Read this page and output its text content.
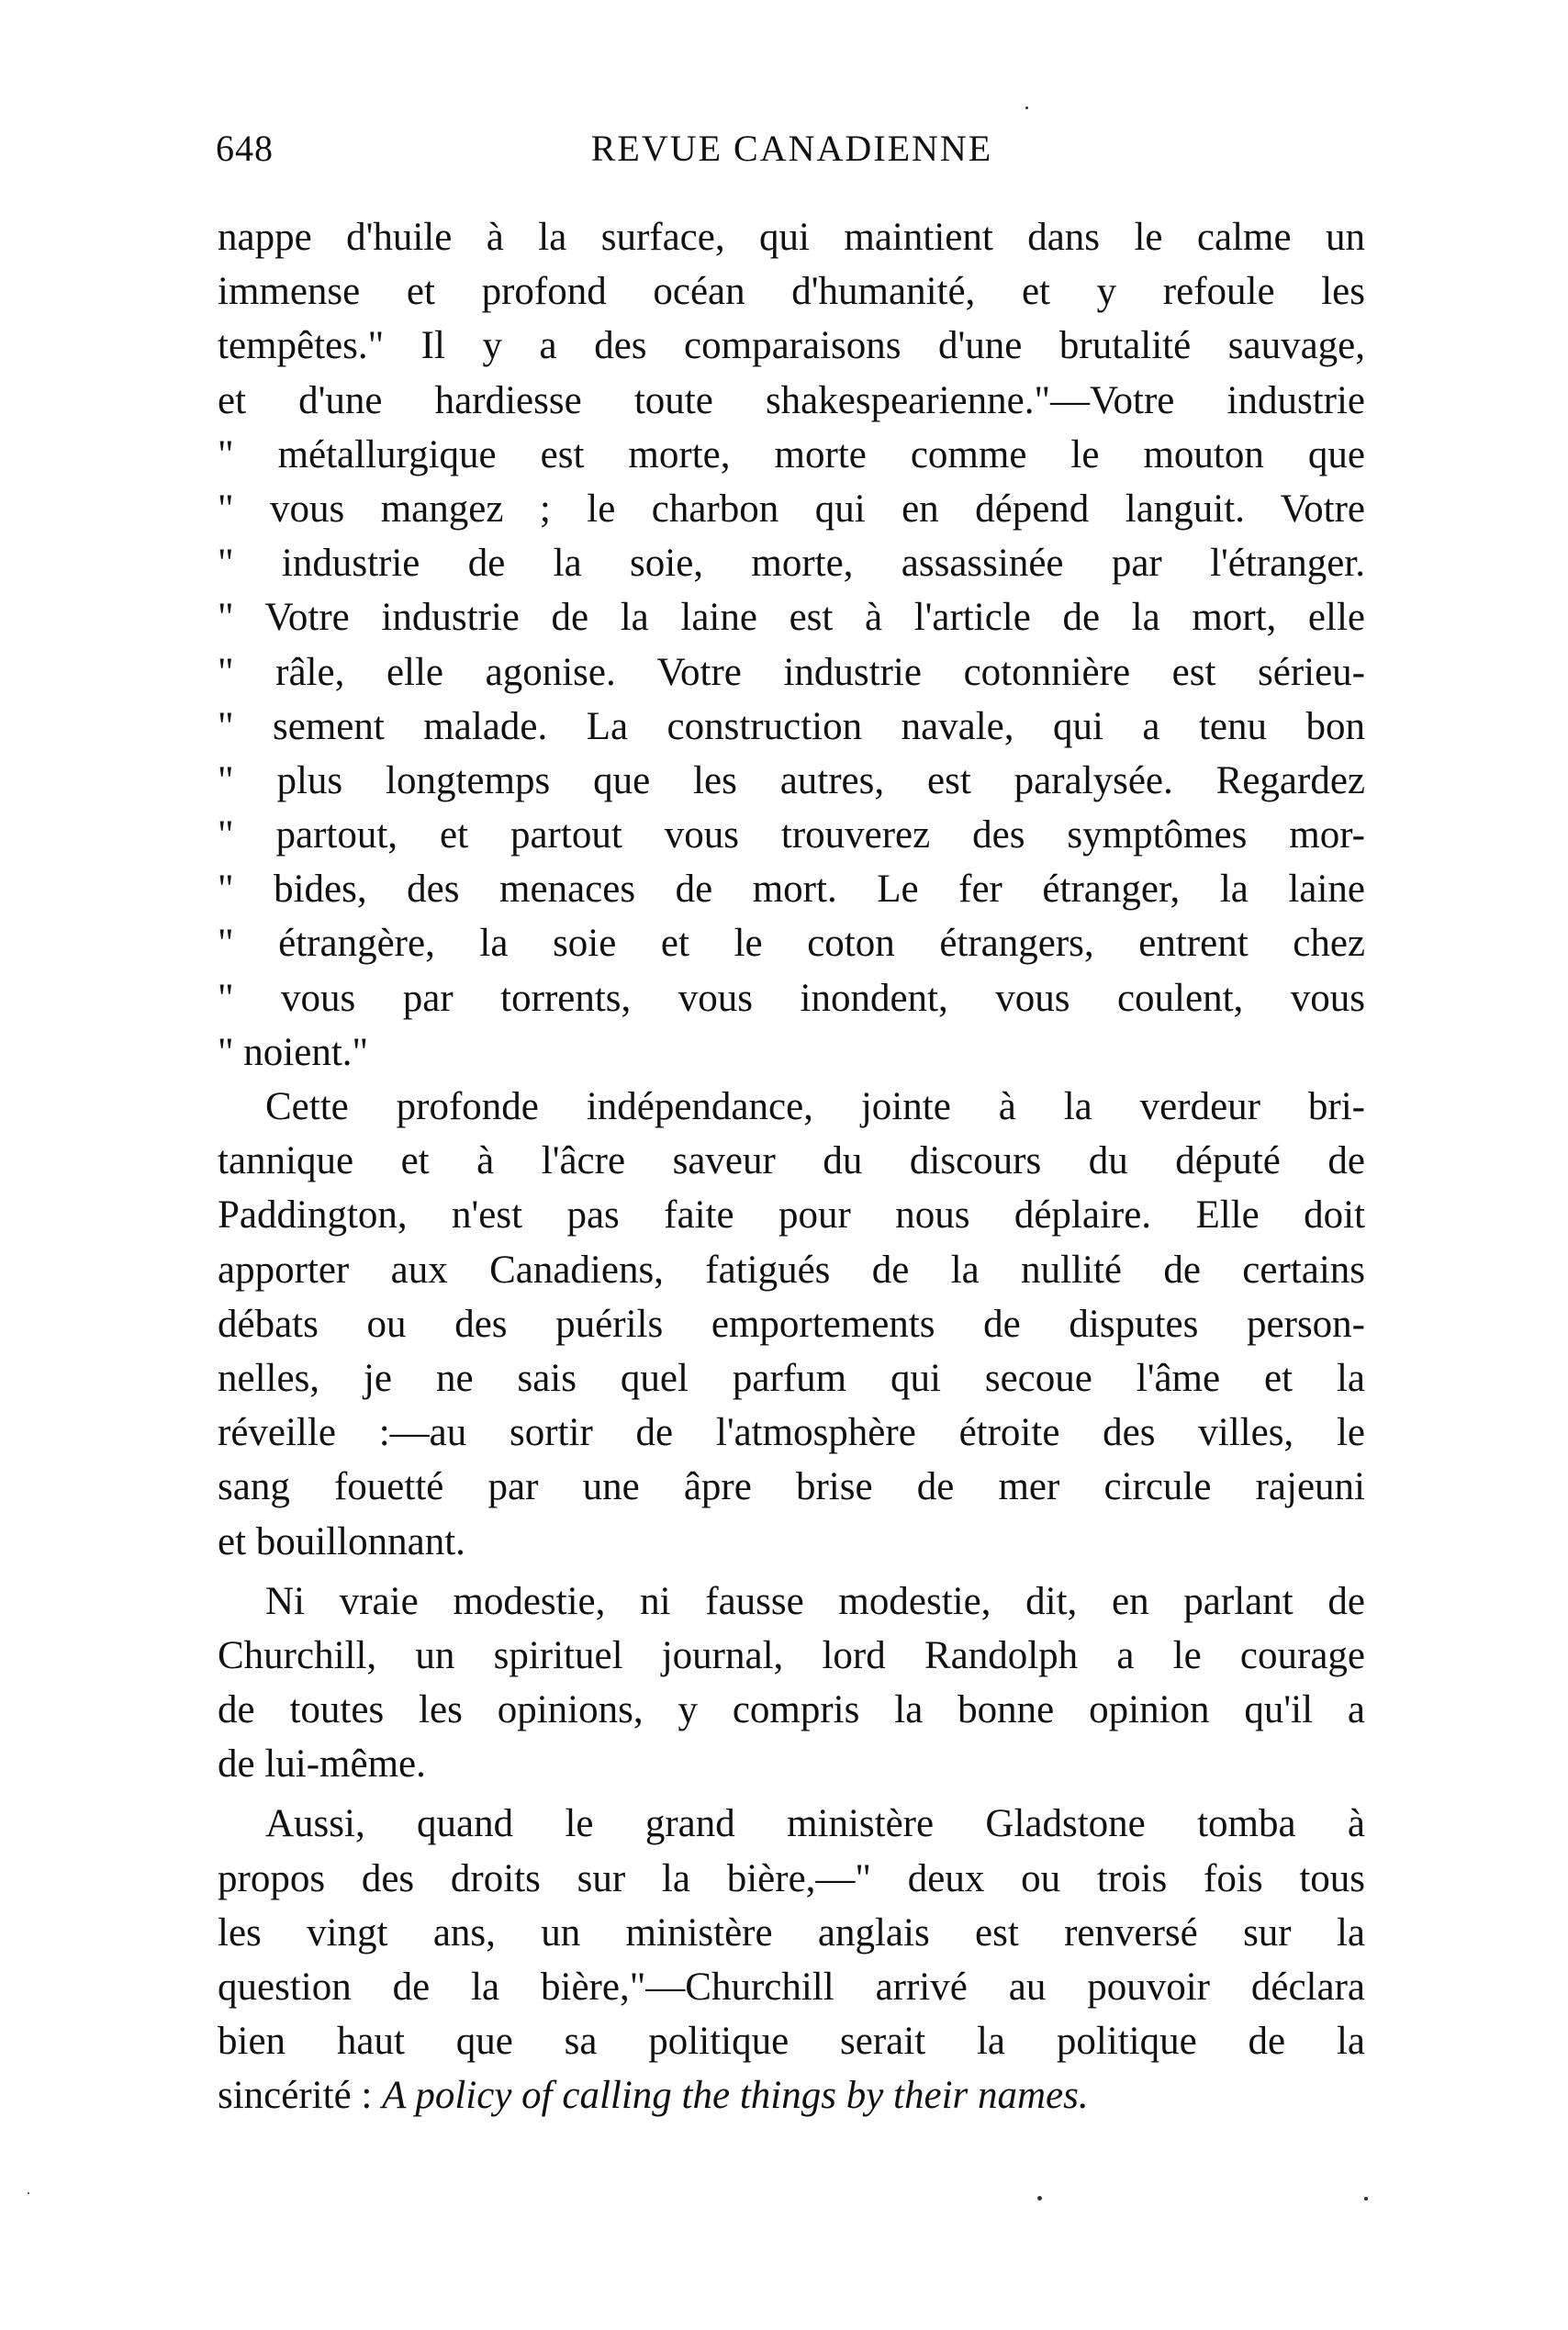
648	REVUE CANADIENNE
nappe d'huile à la surface, qui maintient dans le calme un
immense et profond océan d'humanité, et y refoule les
tempêtes." Il y a des comparaisons d'une brutalité sauvage,
et d'une hardiesse toute shakespearienne."—Votre industrie
" métallurgique est morte, morte comme le mouton que
" vous mangez ; le charbon qui en dépend languit. Votre
" industrie de la soie, morte, assassinée par l'étranger.
" Votre industrie de la laine est à l'article de la mort, elle
" râle, elle agonise. Votre industrie cotonnière est sérieu-
" sement malade. La construction navale, qui a tenu bon
" plus longtemps que les autres, est paralysée. Regardez
" partout, et partout vous trouverez des symptômes mor-
" bides, des menaces de mort. Le fer étranger, la laine
" étrangère, la soie et le coton étrangers, entrent chez
" vous par torrents, vous inondent, vous coulent, vous
" noient."
Cette profonde indépendance, jointe à la verdeur bri-
tannique et à l'âcre saveur du discours du député de
Paddington, n'est pas faite pour nous déplaire. Elle doit
apporter aux Canadiens, fatigués de la nullité de certains
débats ou des puérils emportements de disputes person-
nelles, je ne sais quel parfum qui secoue l'âme et la
réveille :—au sortir de l'atmosphère étroite des villes, le
sang fouetté par une âpre brise de mer circule rajeuni
et bouillonnant.
Ni vraie modestie, ni fausse modestie, dit, en parlant de
Churchill, un spirituel journal, lord Randolph a le courage
de toutes les opinions, y compris la bonne opinion qu'il a
de lui-même.
Aussi, quand le grand ministère Gladstone tomba à
propos des droits sur la bière,—" deux ou trois fois tous
les vingt ans, un ministère anglais est renversé sur la
question de la bière,"—Churchill arrivé au pouvoir déclara
bien haut que sa politique serait la politique de la
sincérité : A policy of calling the things by their names.
